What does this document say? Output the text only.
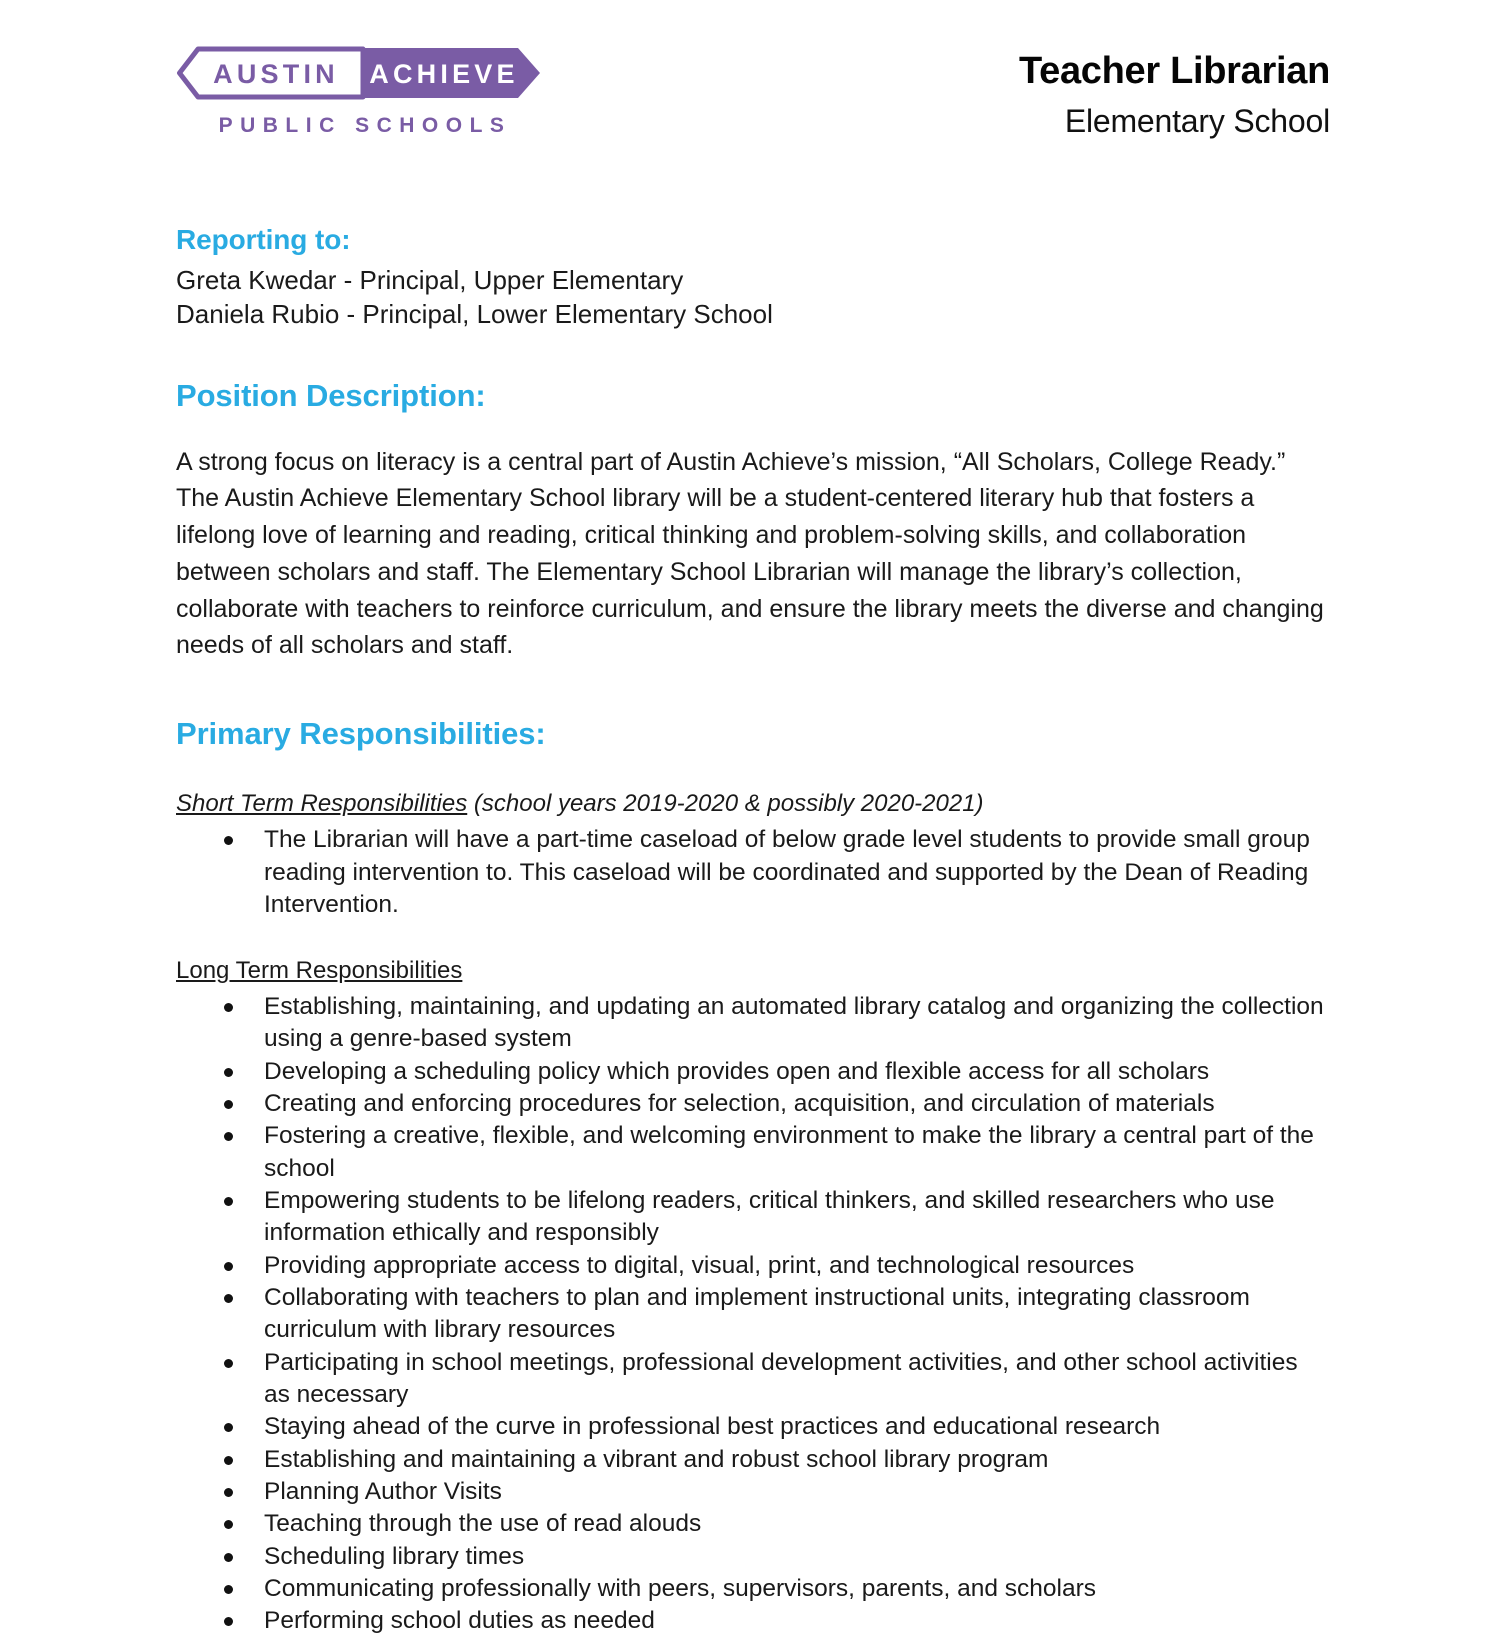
AUSTIN ACHIEVE
PUBLIC SCHOOLS
Teacher Librarian
Elementary School
Reporting to:

Greta Kwedar - Principal, Upper Elementary

Daniela Rubio - Principal, Lower Elementary School

Position Description:

A strong focus on literacy is a central part of Austin Achieve’s mission, “All Scholars, College Ready.” The Austin Achieve Elementary School library will be a student-centered literary hub that fosters a lifelong love of learning and reading, critical thinking and problem-solving skills, and collaboration between scholars and staff. The Elementary School Librarian will manage the library’s collection, collaborate with teachers to reinforce curriculum, and ensure the library meets the diverse and changing needs of all scholars and staff.

Primary Responsibilities:

Short Term Responsibilities (school years 2019-2020 & possibly 2020-2021)

The Librarian will have a part-time caseload of below grade level students to provide small group reading intervention to. This caseload will be coordinated and supported by the Dean of Reading Intervention.

Long Term Responsibilities

Establishing, maintaining, and updating an automated library catalog and organizing the collection using a genre-based system
Developing a scheduling policy which provides open and flexible access for all scholars
Creating and enforcing procedures for selection, acquisition, and circulation of materials
Fostering a creative, flexible, and welcoming environment to make the library a central part of the school
Empowering students to be lifelong readers, critical thinkers, and skilled researchers who use information ethically and responsibly
Providing appropriate access to digital, visual, print, and technological resources
Collaborating with teachers to plan and implement instructional units, integrating classroom curriculum with library resources
Participating in school meetings, professional development activities, and other school activities as necessary
Staying ahead of the curve in professional best practices and educational research
Establishing and maintaining a vibrant and robust school library program
Planning Author Visits
Teaching through the use of read alouds
Scheduling library times
Communicating professionally with peers, supervisors, parents, and scholars
Performing school duties as needed
